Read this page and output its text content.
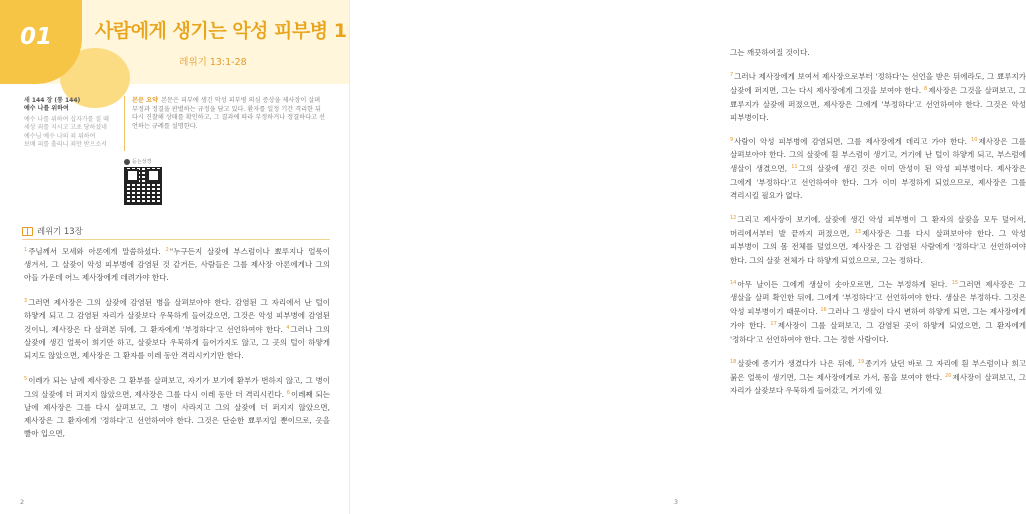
01 사람에게 생기는 악성 피부병 1
레위기 13:1-28
새 144 장 (통 144)
예수 나를 위하여
예수 나를 위하여 십자가를 질 때
세상 죄를 지시고 고초 당하셨네
예수님 예수 나의 죄 위하여
보배 피를 흘리니 죄만 받으소서
본문 요약 본문은 피부에 생긴 악성 피부병 의심 증상을 제사장이 살펴 부정과 정결을 판별하는 규정을 담고 있다. 환자를 일정 기간 격리한 뒤 다시 진찰해 상태를 확인하고, 그 결과에 따라 부정하거나 정결하다고 선언하는 규례를 설명한다.
듣는성경
레위기 13장

$^1$주님께서 모세와 아론에게 말씀하셨다. $^2$"누구든지 살갗에 부스럼이나 뾰루지나 얼룩이 생겨서, 그 살갗이 악성 피부병에 감염된 것 같거든, 사람들은 그를 제사장 아론에게나 그의 아들 가운데 어느 제사장에게 데려가야 한다.

$^3$그러면 제사장은 그의 살갗에 감염된 병을 살펴보아야 한다. 감염된 그 자리에서 난 털이 하얗게 되고 그 감염된 자리가 살갗보다 우묵하게 들어갔으면, 그것은 악성 피부병에 감염된 것이니, 제사장은 다 살펴본 뒤에, 그 환자에게 '부정하다'고 선언하여야 한다. $^4$그러나 그의 살갗에 생긴 얼룩이 희기만 하고, 살갗보다 우묵하게 들어가지도 않고, 그 곳의 털이 하얗게 되지도 않았으면, 제사장은 그 환자를 이레 동안 격리시키기만 한다.

$^5$이레가 되는 날에 제사장은 그 환부를 살펴보고, 자기가 보기에 환부가 번하지 않고, 그 병이 그의 살갗에 더 퍼지지 않았으면, 제사장은 그를 다시 이레 동안 더 격리시킨다. $^6$이레째 되는 날에 제사장은 그를 다시 살펴보고, 그 병이 사라지고 그의 살갗에 더 퍼지지 않았으면, 제사장은 그 환자에게 '정하다'고 선언하여야 한다. 그것은 단순한 뾰루지일 뿐이므로, 옷을 빨아 입으면,

2

그는 깨끗하여질 것이다.

$^7$그러나 제사장에게 보여서 제사장으로부터 '정하다'는 선언을 받은 뒤에라도, 그 뾰루지가 살갗에 퍼지면, 그는 다시 제사장에게 그것을 보여야 한다. $^8$제사장은 그것을 살펴보고, 그 뾰루지가 살갗에 퍼졌으면, 제사장은 그에게 '부정하다'고 선언하여야 한다. 그것은 악성 피부병이다.

$^9$사람이 악성 피부병에 감염되면, 그를 제사장에게 데리고 가야 한다. $^{10}$제사장은 그를 살펴보아야 한다. 그의 살갗에 흰 부스럼이 생기고, 거기에 난 털이 하얗게 되고, 부스럼에 생살이 생겼으면, $^{11}$그의 살갗에 생긴 것은 이미 만성이 된 악성 피부병이다. 제사장은 그에게 '부정하다'고 선언하여야 한다. 그가 이미 부정하게 되었으므로, 제사장은 그를 격리시킬 필요가 없다.

$^{12}$그리고 제사장이 보기에, 살갗에 생긴 악성 피부병이 그 환자의 살갗을 모두 덮어서, 머리에서부터 발 끝까지 퍼졌으면, $^{13}$제사장은 그를 다시 살펴보아야 한다. 그 악성 피부병이 그의 몸 전체를 덮었으면, 제사장은 그 감염된 사람에게 '정하다'고 선언하여야 한다. 그의 살갗 전체가 다 하얗게 되었으므로, 그는 정하다.

$^{14}$아무 날이든 그에게 생살이 솟아오르면, 그는 부정하게 된다. $^{15}$그러면 제사장은 그 생살을 살펴 확인한 뒤에, 그에게 '부정하다'고 선언하여야 한다. 생살은 부정하다. 그것은 악성 피부병이기 때문이다. $^{16}$그러나 그 생살이 다시 변하여 하얗게 되면, 그는 제사장에게 가야 한다. $^{17}$제사장이 그를 살펴보고, 그 감염된 곳이 하얗게 되었으면, 그 환자에게 '정하다'고 선언하여야 한다. 그는 정한 사람이다.

$^{18}$살갗에 종기가 생겼다가 나은 뒤에, $^{19}$종기가 났던 바로 그 자리에 흰 부스럼이나 희고 붉은 얼룩이 생기면, 그는 제사장에게로 가서, 몸을 보여야 한다. $^{20}$제사장이 살펴보고, 그 자리가 살갗보다 우묵하게 들어갔고, 거기에 있

3
